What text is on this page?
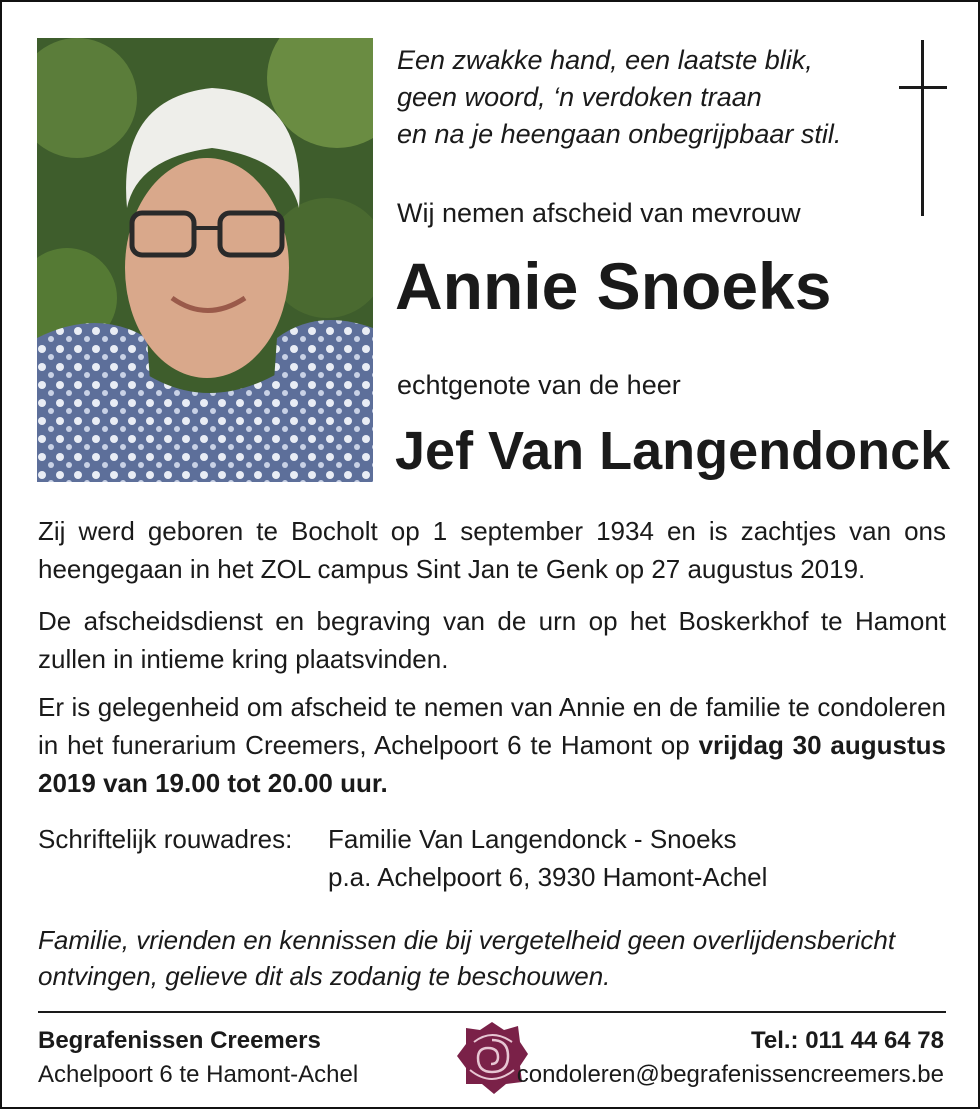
Een zwakke hand, een laatste blik,
geen woord, ‘n verdoken traan
en na je heengaan onbegrijpbaar stil.
Wij nemen afscheid van mevrouw
Annie Snoeks
echtgenote van de heer
Jef Van Langendonck

Zij werd geboren te Bocholt op 1 september 1934 en is zachtjes van ons heengegaan in het ZOL campus Sint Jan te Genk op 27 augustus 2019.

De afscheidsdienst en begraving van de urn op het Boskerkhof te Hamont zullen in intieme kring plaatsvinden.

Er is gelegenheid om afscheid te nemen van Annie en de familie te condoleren in het funerarium Creemers, Achelpoort 6 te Hamont op vrijdag 30 augustus 2019 van 19.00 tot 20.00 uur.

Schriftelijk rouwadres:	Familie Van Langendonck - Snoeks
p.a. Achelpoort 6, 3930 Hamont-Achel
Familie, vrienden en kennissen die bij vergetelheid geen overlijdensbericht
ontvingen, gelieve dit als zodanig te beschouwen.
Begrafenissen Creemers
Achelpoort 6 te Hamont-Achel
Tel.: 011 44 64 78
condoleren@begrafenissencreemers.be
